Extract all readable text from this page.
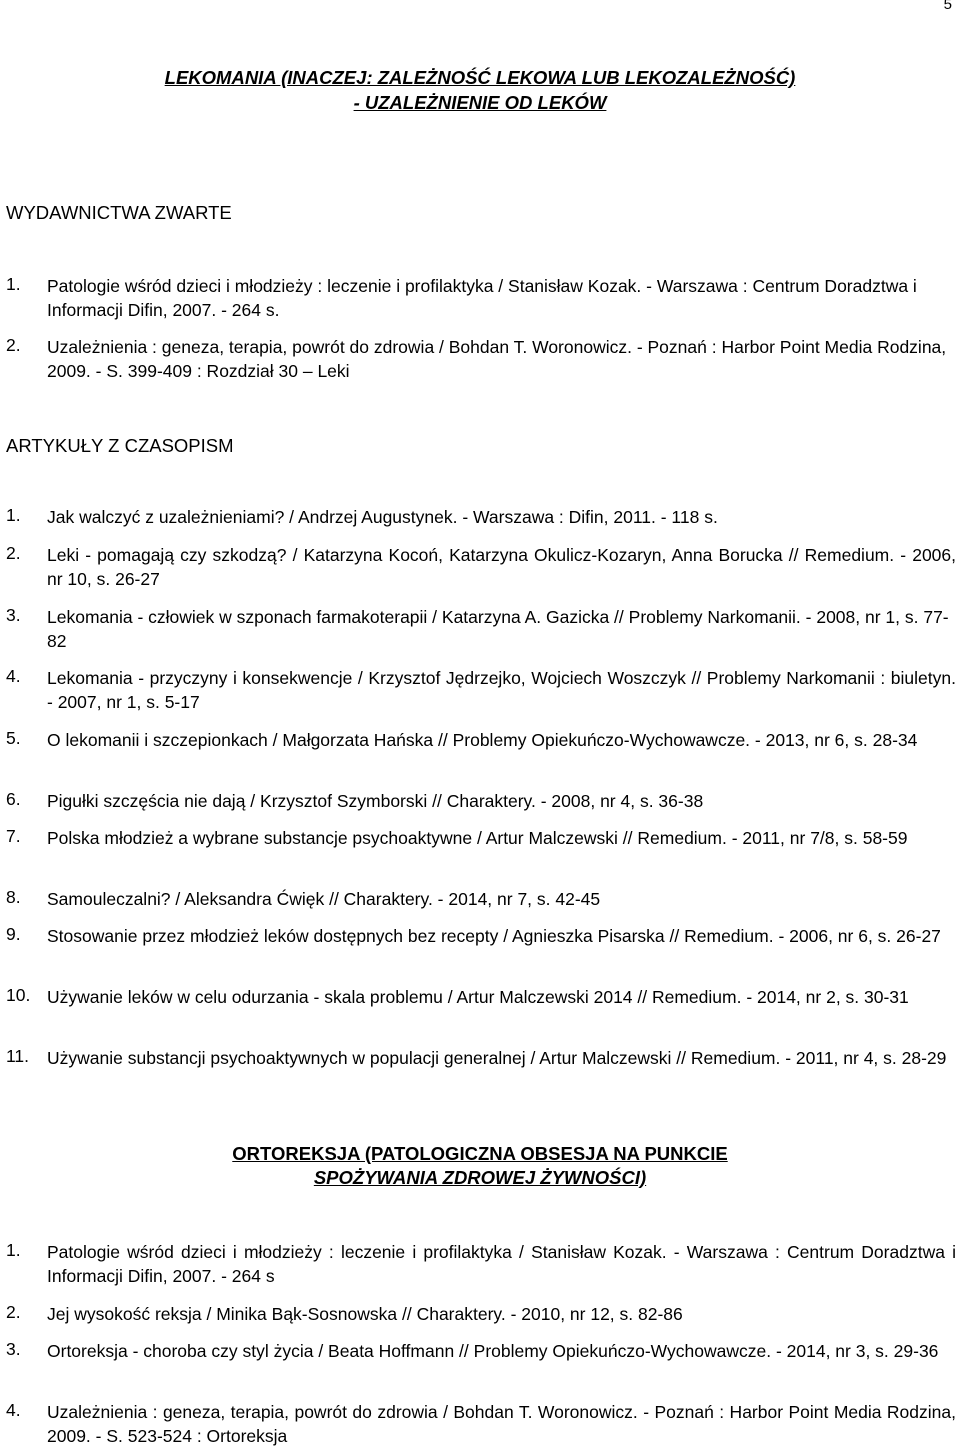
5
LEKOMANIA (INACZEJ: ZALEŻNOŚĆ LEKOWA LUB LEKOZALEŻNOŚĆ)
- UZALEŻNIENIE OD LEKÓW
WYDAWNICTWA ZWARTE
1. Patologie wśród dzieci i młodzieży : leczenie i profilaktyka / Stanisław Kozak. - Warszawa : Centrum Doradztwa i Informacji Difin, 2007. - 264 s.
2. Uzależnienia : geneza, terapia, powrót do zdrowia / Bohdan T. Woronowicz. - Poznań : Harbor Point Media Rodzina, 2009. - S. 399-409 : Rozdział 30 – Leki
ARTYKUŁY Z CZASOPISM
1. Jak walczyć z uzależnieniami? / Andrzej Augustynek. - Warszawa : Difin, 2011. - 118 s.
2. Leki - pomagają czy szkodzą? / Katarzyna Kocoń, Katarzyna Okulicz-Kozaryn, Anna Borucka // Remedium. - 2006, nr 10, s. 26-27
3. Lekomania - człowiek w szponach farmakoterapii / Katarzyna A. Gazicka // Problemy Narkomanii. - 2008, nr 1, s. 77-82
4. Lekomania - przyczyny i konsekwencje / Krzysztof Jędrzejko, Wojciech Woszczyk // Problemy Narkomanii : biuletyn. - 2007, nr 1, s. 5-17
5. O lekomanii i szczepionkach / Małgorzata Hańska // Problemy Opiekuńczo-Wychowawcze. - 2013, nr 6, s. 28-34
6. Pigułki szczęścia nie dają / Krzysztof Szymborski // Charaktery. - 2008, nr 4, s. 36-38
7. Polska młodzież a wybrane substancje psychoaktywne / Artur Malczewski // Remedium. - 2011, nr 7/8, s. 58-59
8. Samouleczalni? / Aleksandra Ćwięk // Charaktery. - 2014, nr 7, s. 42-45
9. Stosowanie przez młodzież leków dostępnych bez recepty / Agnieszka Pisarska // Remedium. - 2006, nr 6, s. 26-27
10. Używanie leków w celu odurzania - skala problemu / Artur Malczewski 2014 // Remedium. - 2014, nr 2, s. 30-31
11. Używanie substancji psychoaktywnych w populacji generalnej / Artur Malczewski // Remedium. - 2011, nr 4, s. 28-29
ORTOREKSJA (PATOLOGICZNA OBSESJA NA PUNKCIE
SPOŻYWANIA ZDROWEJ ŻYWNOŚCI)
1. Patologie wśród dzieci i młodzieży : leczenie i profilaktyka / Stanisław Kozak. - Warszawa : Centrum Doradztwa i Informacji Difin, 2007. - 264 s
2. Jej wysokość reksja / Minika Bąk-Sosnowska // Charaktery. - 2010, nr 12, s. 82-86
3. Ortoreksja - choroba czy styl życia / Beata Hoffmann // Problemy Opiekuńczo-Wychowawcze. - 2014, nr 3, s. 29-36
4. Uzależnienia : geneza, terapia, powrót do zdrowia / Bohdan T. Woronowicz. - Poznań : Harbor Point Media Rodzina, 2009. - S. 523-524 : Ortoreksja
